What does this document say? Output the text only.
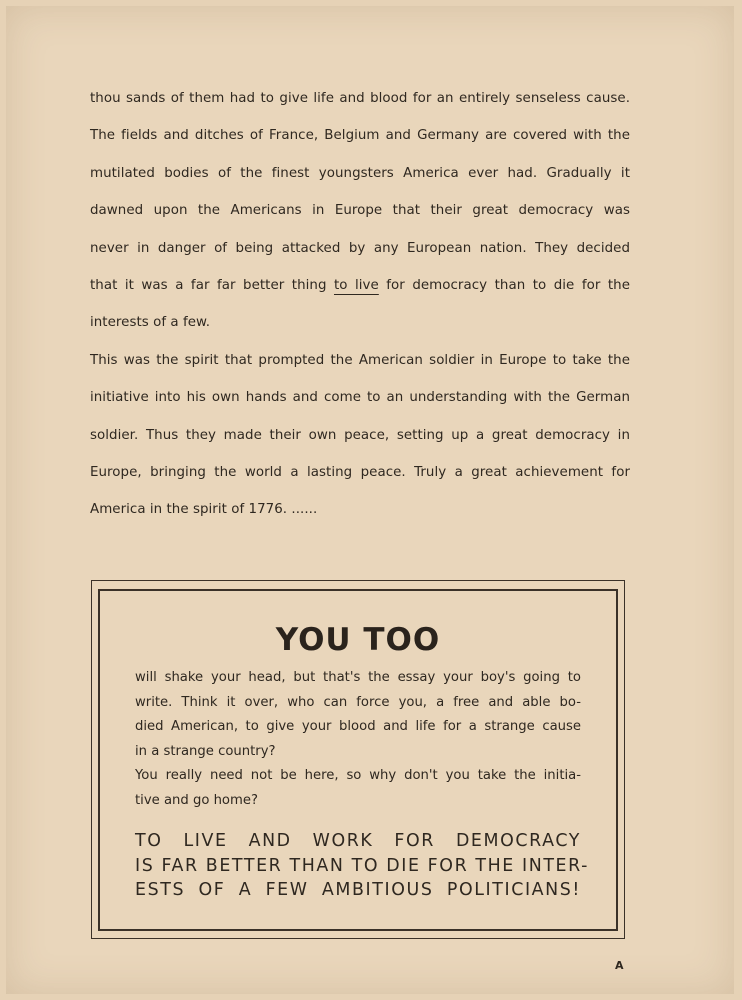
thou sands of them had to give life and blood for an entirely senseless cause.
The fields and ditches of France, Belgium and Germany are covered with the
mutilated bodies of the finest youngsters America ever had. Gradually it
dawned upon the Americans in Europe that their great democracy was
never in danger of being attacked by any European nation. They decided
that it was a far far better thing to live for democracy than to die for the
interests of a few.
This was the spirit that prompted the American soldier in Europe to take the
initiative into his own hands and come to an understanding with the German
soldier. Thus they made their own peace, setting up a great democracy in
Europe, bringing the world a lasting peace. Truly a great achievement for
America in the spirit of 1776. ......
YOU TOO
will shake your head, but that's the essay your boy's going to
write. Think it over, who can force you, a free and able bo-
died American, to give your blood and life for a strange cause
in a strange country?
You really need not be here, so why don't you take the initia-
tive and go home?
TO LIVE AND WORK FOR DEMOCRACY
IS FAR BETTER THAN TO DIE FOR THE INTER-
ESTS OF A FEW AMBITIOUS POLITICIANS!
A
